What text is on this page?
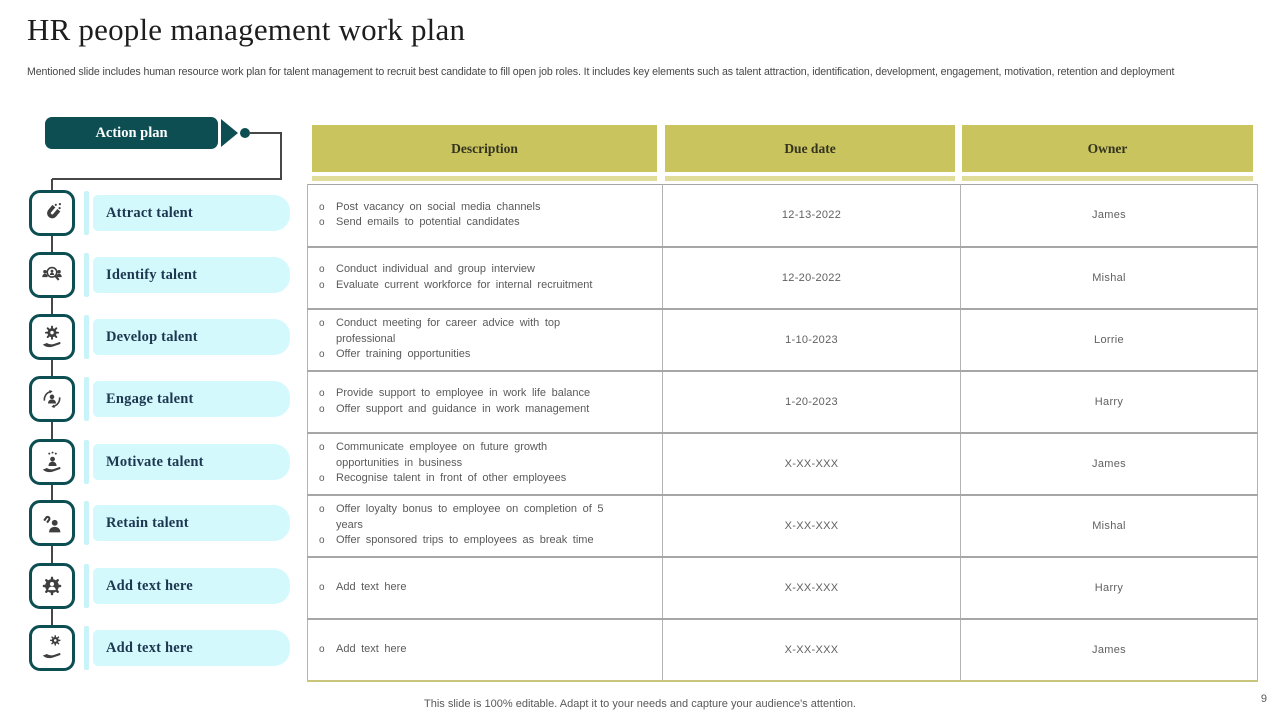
HR people management work plan
Mentioned slide includes human resource work plan for talent management to recruit best candidate to fill open job roles. It includes key elements such as talent attraction, identification, development, engagement, motivation, retention and deployment
Action plan
Attract talent
Identify talent
Develop talent
Engage talent
Motivate talent
Retain talent
Add text here
Add text here
Description	Due date	Owner
o Post vacancy on social media channels
o Send emails to potential candidates	12-13-2022	James

o Conduct individual and group interview
o Evaluate current workforce for internal recruitment	12-20-2022	Mishal

o Conduct meeting for career advice with top professional
o Offer training opportunities	1-10-2023	Lorrie

o Provide support to employee in work life balance
o Offer support and guidance in work management	1-20-2023	Harry

o Communicate employee on future growth opportunities in business
o Recognise talent in front of other employees	X-XX-XXX	James

o Offer loyalty bonus to employee on completion of 5 years
o Offer sponsored trips to employees as break time	X-XX-XXX	Mishal

o Add text here	X-XX-XXX	Harry

o Add text here	X-XX-XXX	James
This slide is 100% editable. Adapt it to your needs and capture your audience's attention.	9
